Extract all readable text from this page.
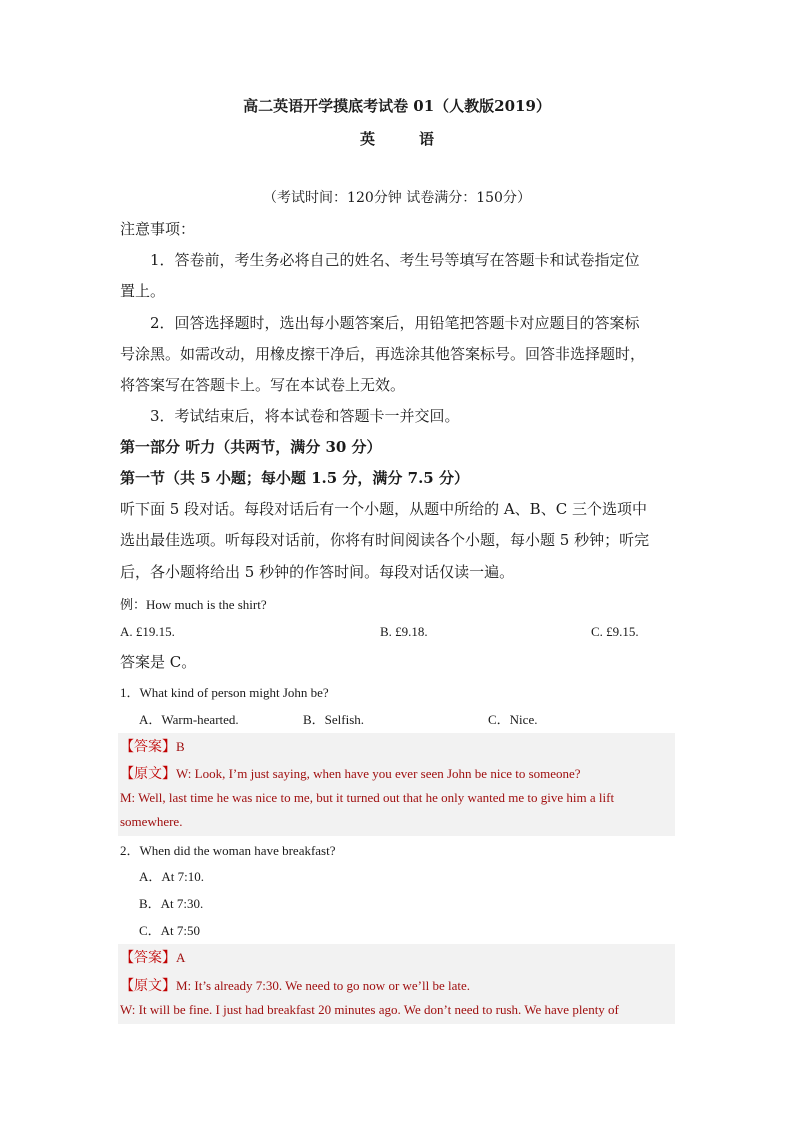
高二英语开学摸底考试卷 01（人教版2019）
英	语
（考试时间：120分钟 试卷满分：150分）
注意事项：
1．答卷前，考生务必将自己的姓名、考生号等填写在答题卡和试卷指定位
置上。
2．回答选择题时，选出每小题答案后，用铅笔把答题卡对应题目的答案标
号涂黑。如需改动，用橡皮擦干净后，再选涂其他答案标号。回答非选择题时，
将答案写在答题卡上。写在本试卷上无效。
3．考试结束后，将本试卷和答题卡一并交回。
第一部分 听力（共两节，满分 30 分）
第一节（共 5 小题；每小题 1.5 分，满分 7.5 分）
听下面 5 段对话。每段对话后有一个小题，从题中所给的 A、B、C 三个选项中
选出最佳选项。听每段对话前，你将有时间阅读各个小题，每小题 5 秒钟；听完
后，各小题将给出 5 秒钟的作答时间。每段对话仅读一遍。
例：How much is the shirt?
A. £19.15.	B. £9.18.	C. £9.15.
答案是 C。
1．What kind of person might John be?
A．Warm-hearted.	B．Selfish.	C．Nice.
【答案】B
【原文】W: Look, I’m just saying, when have you ever seen John be nice to someone?
M: Well, last time he was nice to me, but it turned out that he only wanted me to give him a lift
somewhere.
2．When did the woman have breakfast?
A．At 7:10.
B．At 7:30.
C．At 7:50
【答案】A
【原文】M: It’s already 7:30. We need to go now or we’ll be late.
W: It will be fine. I just had breakfast 20 minutes ago. We don’t need to rush. We have plenty of
